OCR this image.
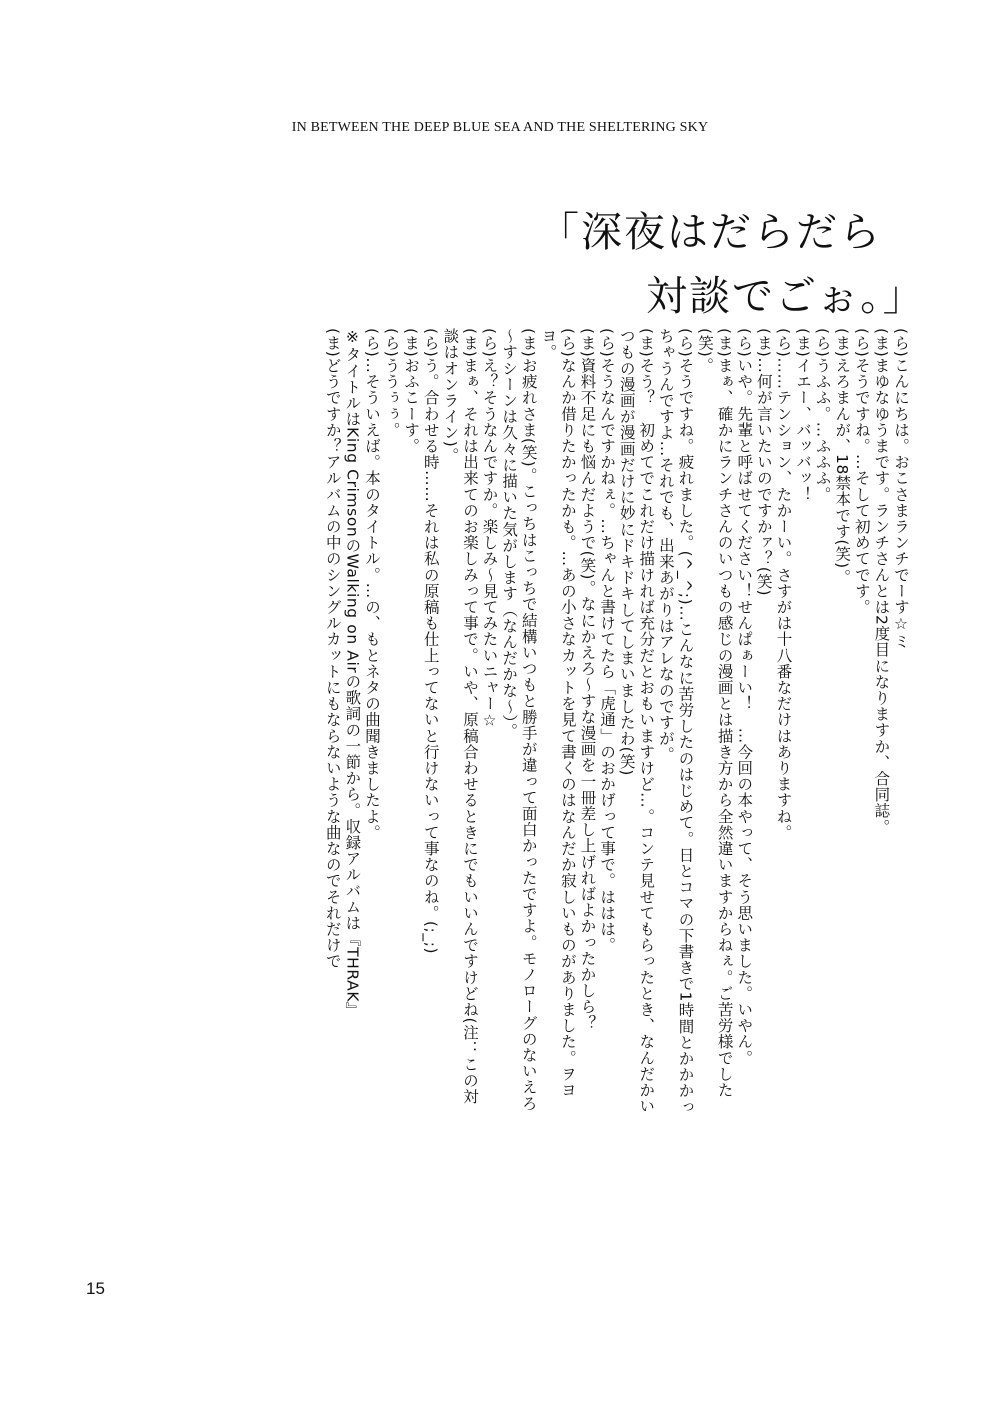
IN BETWEEN THE DEEP BLUE SEA AND THE SHELTERING SKY
「深夜はだらだら
対談でごぉ。」
(ら)こんにちは。おこさまランチでーす☆ミ
(ま)まゆなゆうまです。ランチさんとは2度目になりますか、合同誌。
(ら)そうですね。…そして初めてです。
(ま)えろまんが、18禁本です(笑)。
(ら)うふふ。…ふふふ。
(ま)イエー、バッバッ！
(ら)……テンション、たかーい。さすがは十八番なだけはありますね。
(ま)…何が言いたいのですかァ？(笑)
(ら)いや。先輩と呼ばせてください！せんぱぁーい！　…今回の本やって、そう思いました。いやん。
(ま)まぁ、確かにランチさんのいつもの感じの漫画とは描き方から全然違いますからねぇ。ご苦労様でした(笑)。
(ら)そうですね。疲れました。(^_^;)…こんなに苦労したのはじめて。日とコマの下書きで1時間とかかかっちゃうんですよ…それでも、出来あがりはアレなのですが。
(ま)そう？　初めてでこれだけ描ければ充分だとおもいますけど…。コンテ見せてもらったとき、なんだかいつもの漫画が漫画だけに妙にドキドキしてしまいましたわ(笑)
(ら)そうなんですかねぇ。…ちゃんと書けてたら「虎通」のおかげって事で。ははは。
(ま)資料不足にも悩んだようで(笑)。なにかえろ～すな漫画を一冊差し上げればよかったかしら？
(ら)なんか借りたかったかも。…あの小さなカットを見て書くのはなんだか寂しいものがありました。ヲヨヨ。
(ま)お疲れさま(笑)。こっちはこっちで結構いつもと勝手が違って面白かったですよ。モノローグのないえろ～すシーンは久々に描いた気がします（なんだかな～）。
(ら)え？そうなんですか。楽しみ～見てみたいニャー☆
(ま)まぁ、それは出来てのお楽しみって事で。いや、原稿合わせるときにでもいいんですけどね(注：この対談はオンライン)。
(ら)う。合わせる時……それは私の原稿も仕上ってないと行けないって事なのね。(;_;)
(ま)おふこーす。
(ら)ううぅぅ。
(ら)…そういえば。本のタイトル。…の、もとネタの曲聞きましたよ。
※タイトルはKing CrimsonのWalking on Airの歌詞の一節から。収録アルバムは『THRAK』
(ま)どうですか？アルバムの中のシングルカットにもならないような曲なのでそれだけで
15
